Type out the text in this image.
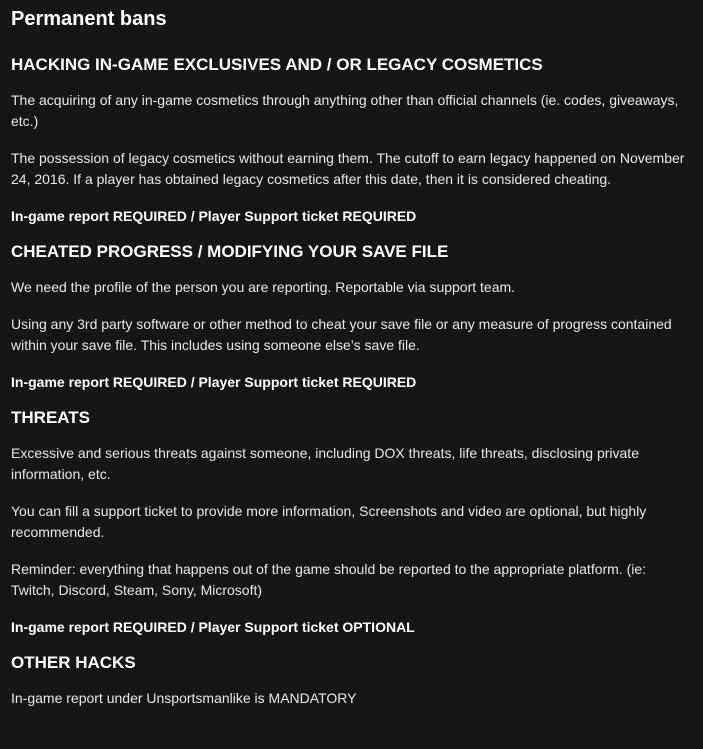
Permanent bans
HACKING IN-GAME EXCLUSIVES AND / OR LEGACY COSMETICS

The acquiring of any in-game cosmetics through anything other than official channels (ie. codes, giveaways, etc.)

The possession of legacy cosmetics without earning them. The cutoff to earn legacy happened on November 24, 2016. If a player has obtained legacy cosmetics after this date, then it is considered cheating.

In-game report REQUIRED / Player Support ticket REQUIRED

CHEATED PROGRESS / MODIFYING YOUR SAVE FILE

We need the profile of the person you are reporting. Reportable via support team.

Using any 3rd party software or other method to cheat your save file or any measure of progress contained within your save file. This includes using someone else’s save file.

In-game report REQUIRED / Player Support ticket REQUIRED

THREATS

Excessive and serious threats against someone, including DOX threats, life threats, disclosing private information, etc.

You can fill a support ticket to provide more information, Screenshots and video are optional, but highly recommended.

Reminder: everything that happens out of the game should be reported to the appropriate platform. (ie: Twitch, Discord, Steam, Sony, Microsoft)

In-game report REQUIRED / Player Support ticket OPTIONAL

OTHER HACKS

In-game report under Unsportsmanlike is MANDATORY
